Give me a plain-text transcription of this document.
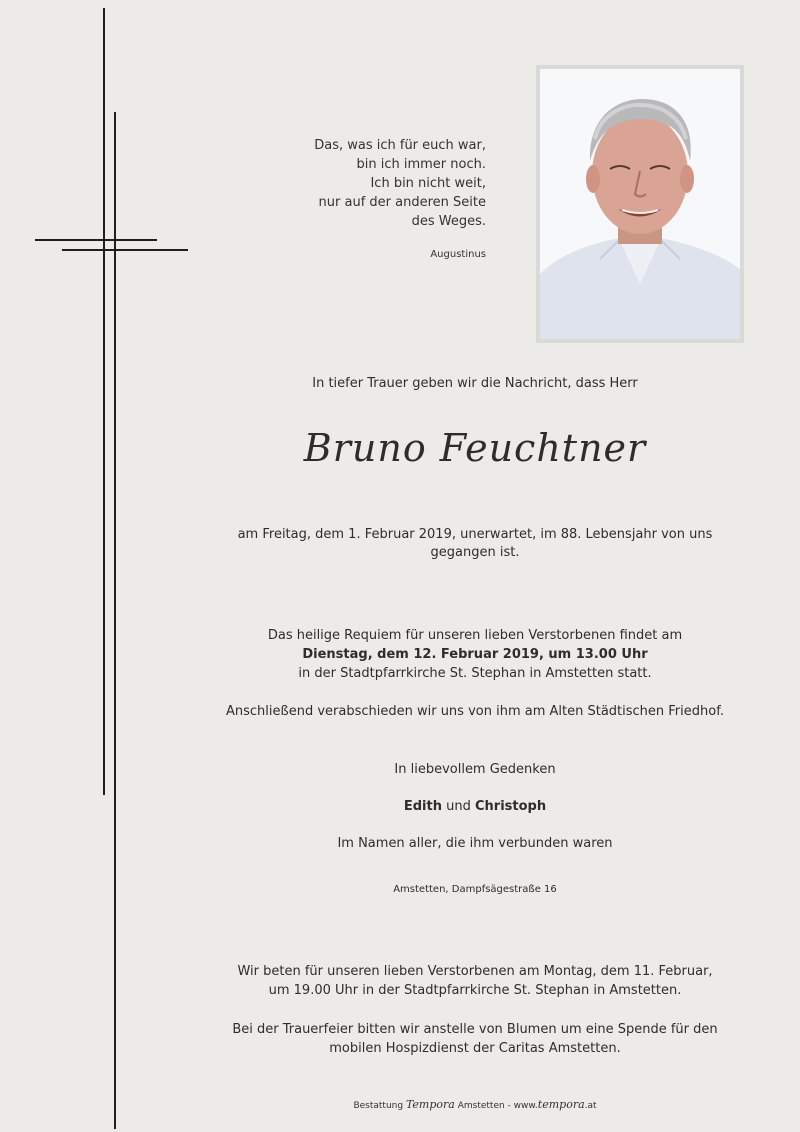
Das, was ich für euch war,
bin ich immer noch.
Ich bin nicht weit,
nur auf der anderen Seite
des Weges.
Augustinus
In tiefer Trauer geben wir die Nachricht, dass Herr
Bruno Feuchtner
am Freitag, dem 1. Februar 2019, unerwartet, im 88. Lebensjahr von uns
gegangen ist.
Das heilige Requiem für unseren lieben Verstorbenen findet am
Dienstag, dem 12. Februar 2019, um 13.00 Uhr
in der Stadtpfarrkirche St. Stephan in Amstetten statt.
Anschließend verabschieden wir uns von ihm am Alten Städtischen Friedhof.
In liebevollem Gedenken
Edith und Christoph
Im Namen aller, die ihm verbunden waren
Amstetten, Dampfsägestraße 16
Wir beten für unseren lieben Verstorbenen am Montag, dem 11. Februar,
um 19.00 Uhr in der Stadtpfarrkirche St. Stephan in Amstetten.
Bei der Trauerfeier bitten wir anstelle von Blumen um eine Spende für den
mobilen Hospizdienst der Caritas Amstetten.
Bestattung Tempora Amstetten - www.tempora.at
